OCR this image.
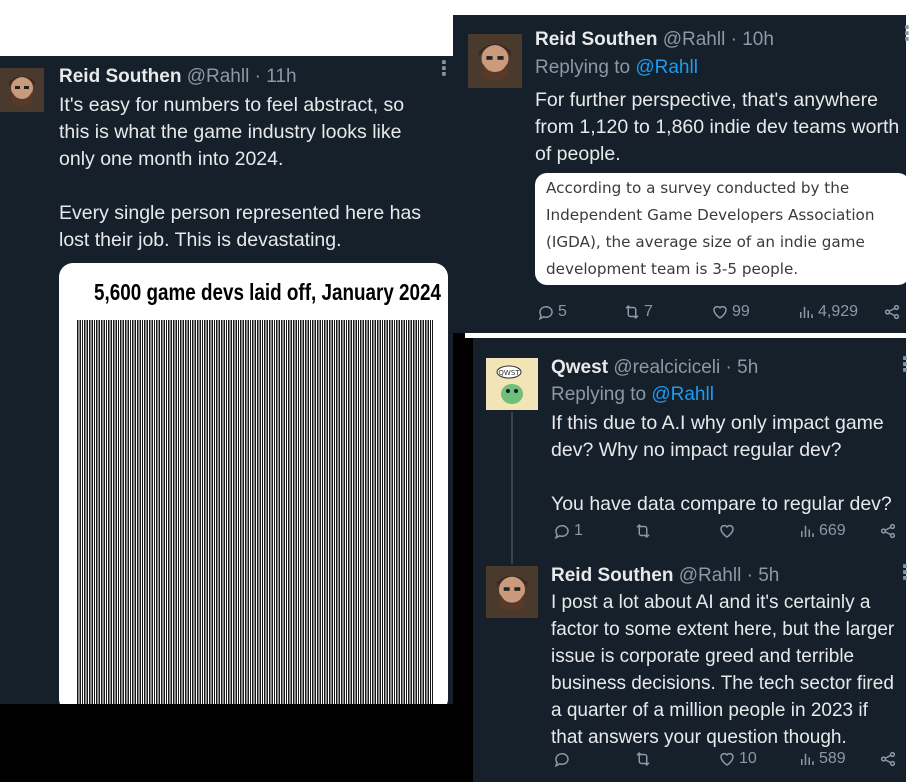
Reid Southen @Rahll · 11h	⋮
It's easy for numbers to feel abstract, so
this is what the game industry looks like
only one month into 2024.

Every single person represented here has
lost their job. This is devastating.
5,600 game devs laid off, January 2024
Reid Southen @Rahll · 10h	⋮
Replying to @Rahll
For further perspective, that's anywhere
from 1,120 to 1,860 indie dev teams worth
of people.
According to a survey conducted by the
Independent Game Developers Association
(IGDA), the average size of an indie game
development team is 3-5 people.
5	7	99	4,929
QWST Qwest @realciciceli · 5h	⋮
Replying to @Rahll
If this due to A.I why only impact game
dev? Why no impact regular dev?

You have data compare to regular dev?
1	669
Reid Southen @Rahll · 5h	⋮
I post a lot about AI and it's certainly a
factor to some extent here, but the larger
issue is corporate greed and terrible
business decisions. The tech sector fired
a quarter of a million people in 2023 if
that answers your question though.
10	589
